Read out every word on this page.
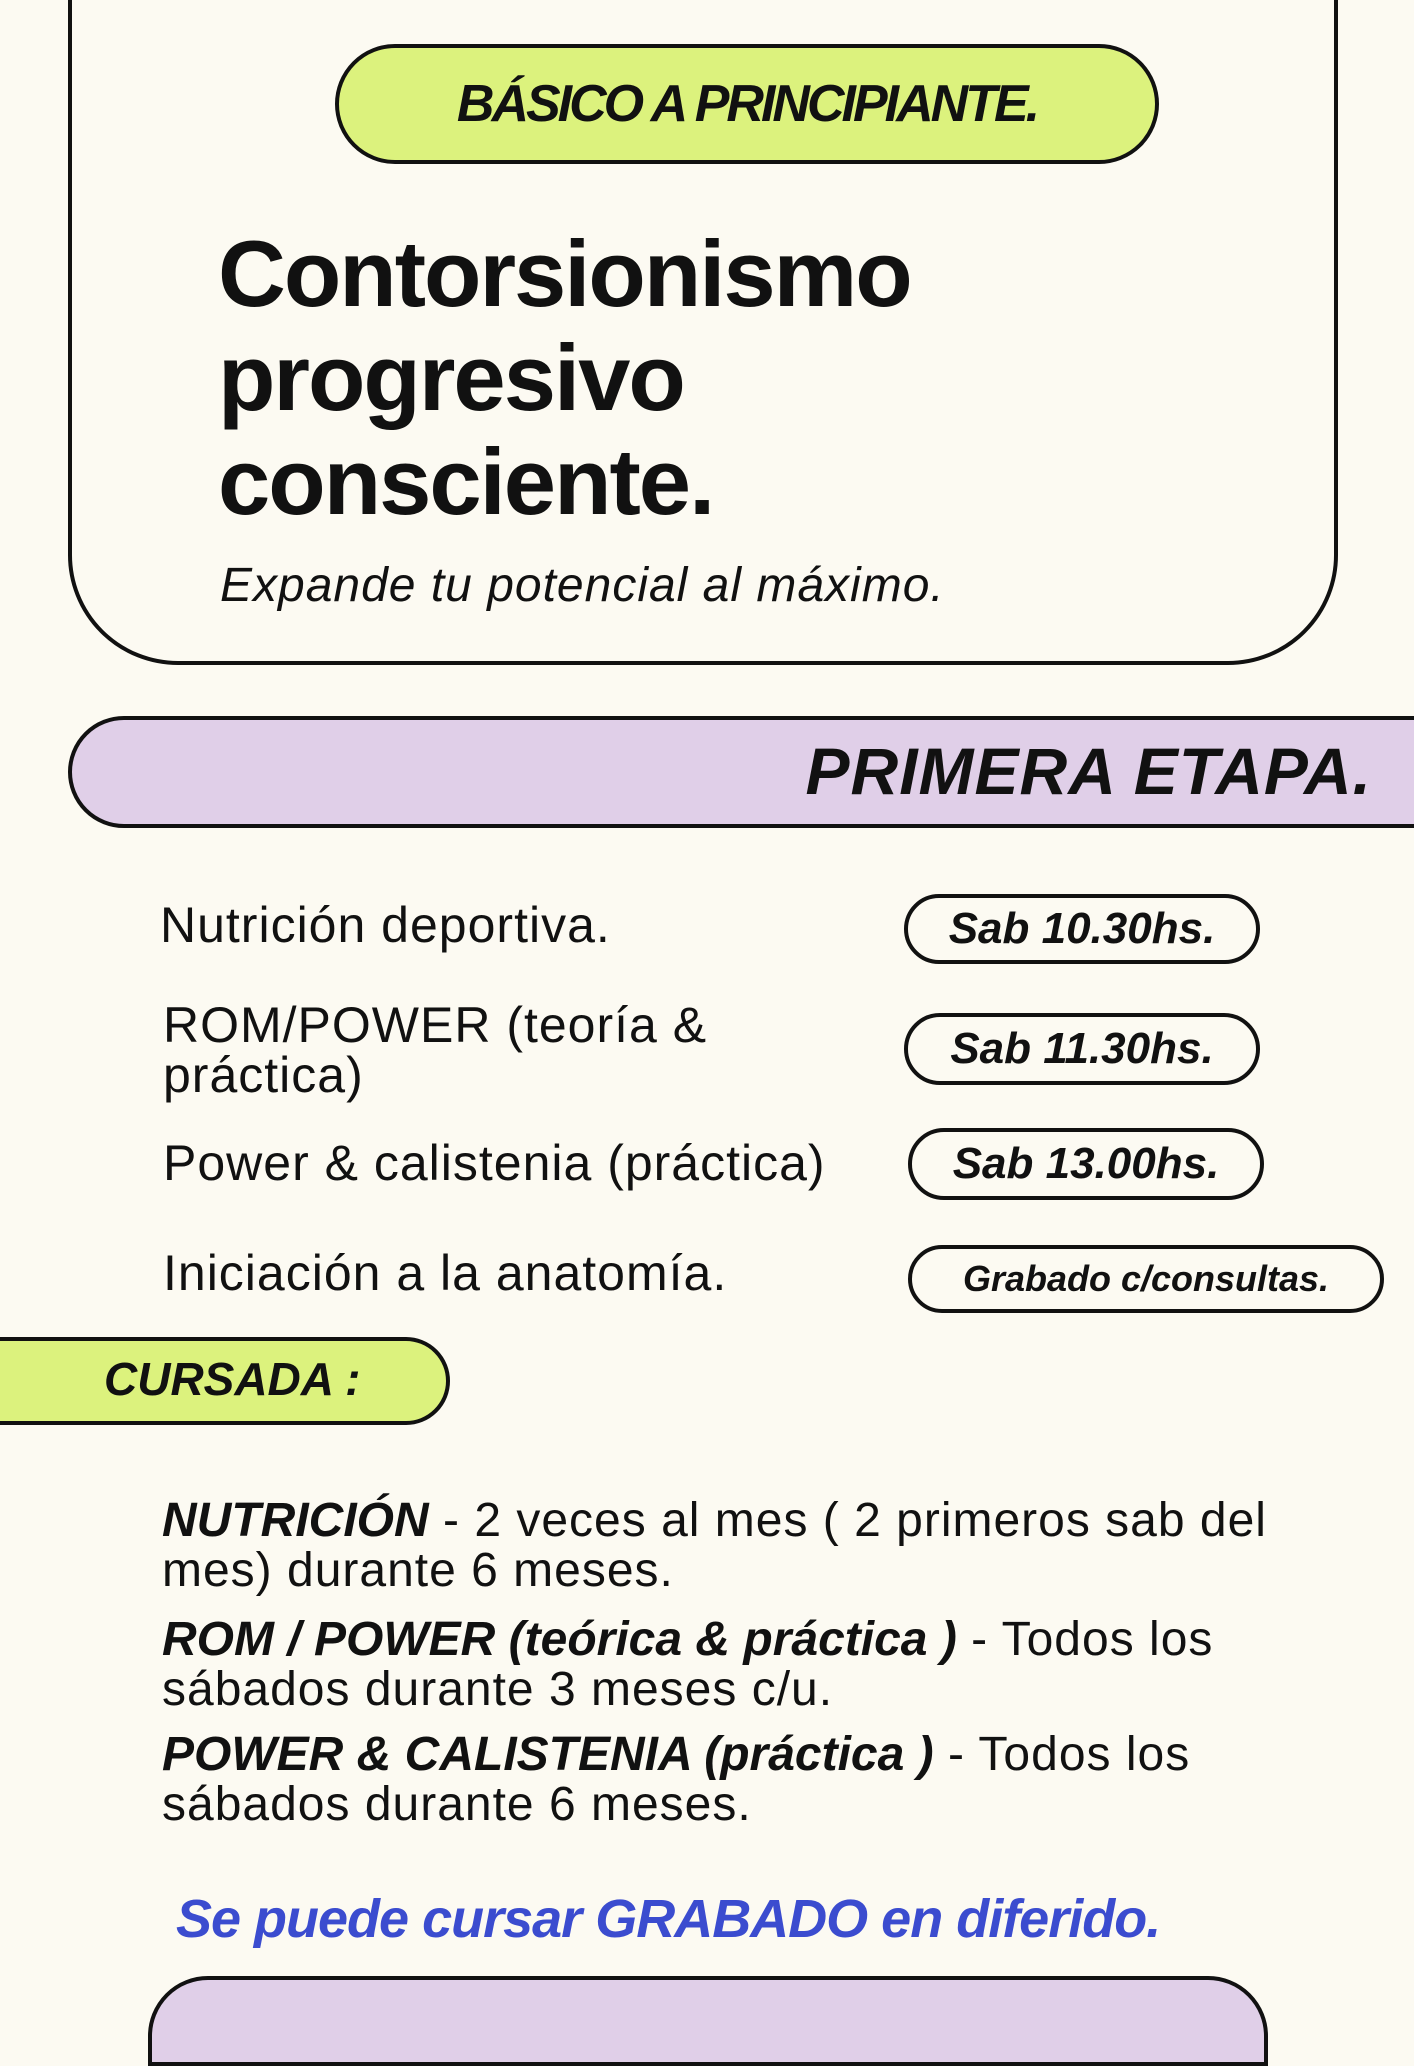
BÁSICO A PRINCIPIANTE.
Contorsionismo
progresivo
consciente.
Expande tu potencial al máximo.
PRIMERA ETAPA.
Nutrición deportiva.	Sab 10.30hs.
ROM/POWER (teoría &
práctica)	Sab 11.30hs.
Power & calistenia (práctica)	Sab 13.00hs.
Iniciación a la anatomía.	Grabado c/consultas.
CURSADA :
NUTRICIÓN - 2 veces al mes ( 2 primeros sab del mes) durante 6 meses.
ROM / POWER (teórica & práctica ) - Todos los sábados durante 3 meses c/u.
POWER & CALISTENIA (práctica ) - Todos los sábados durante 6 meses.
Se puede cursar GRABADO en diferido.
